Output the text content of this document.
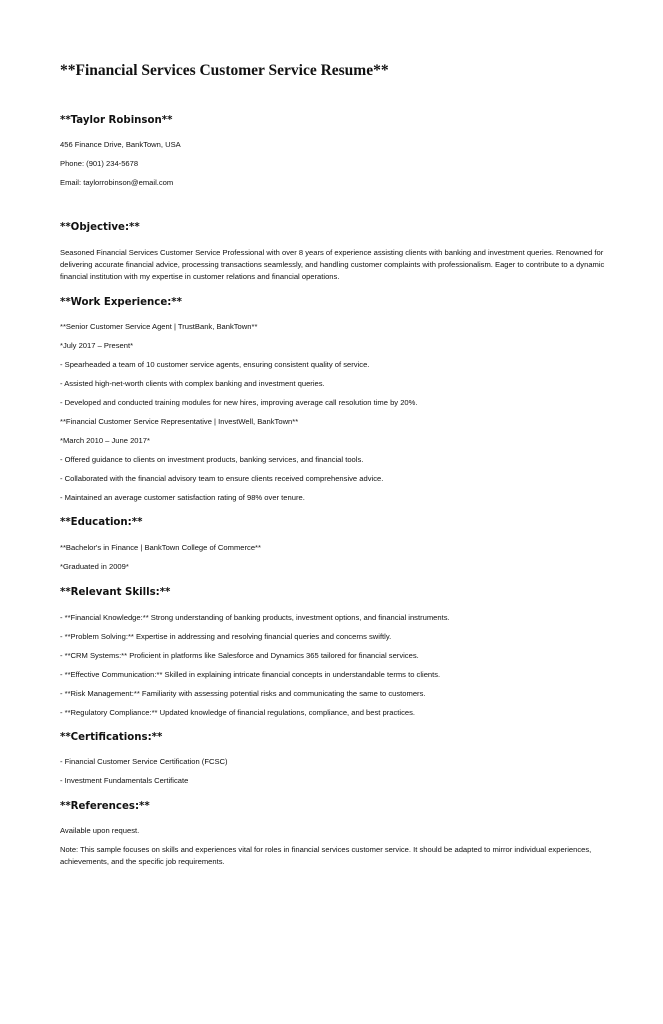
**Financial Services Customer Service Resume**
**Taylor Robinson**
456 Finance Drive, BankTown, USA
Phone: (901) 234-5678
Email: taylorrobinson@email.com
**Objective:**

Seasoned Financial Services Customer Service Professional with over 8 years of experience assisting clients with banking and investment queries. Renowned for delivering accurate financial advice, processing transactions seamlessly, and handling customer complaints with professionalism. Eager to contribute to a dynamic financial institution with my expertise in customer relations and financial operations.

**Work Experience:**
**Senior Customer Service Agent | TrustBank, BankTown**
*July 2017 – Present*
- Spearheaded a team of 10 customer service agents, ensuring consistent quality of service.
- Assisted high-net-worth clients with complex banking and investment queries.
- Developed and conducted training modules for new hires, improving average call resolution time by 20%.
**Financial Customer Service Representative | InvestWell, BankTown**
*March 2010 – June 2017*
- Offered guidance to clients on investment products, banking services, and financial tools.
- Collaborated with the financial advisory team to ensure clients received comprehensive advice.
- Maintained an average customer satisfaction rating of 98% over tenure.
**Education:**
**Bachelor's in Finance | BankTown College of Commerce**
*Graduated in 2009*
**Relevant Skills:**
- **Financial Knowledge:** Strong understanding of banking products, investment options, and financial instruments.
- **Problem Solving:** Expertise in addressing and resolving financial queries and concerns swiftly.
- **CRM Systems:** Proficient in platforms like Salesforce and Dynamics 365 tailored for financial services.
- **Effective Communication:** Skilled in explaining intricate financial concepts in understandable terms to clients.
- **Risk Management:** Familiarity with assessing potential risks and communicating the same to customers.
- **Regulatory Compliance:** Updated knowledge of financial regulations, compliance, and best practices.
**Certifications:**
- Financial Customer Service Certification (FCSC)
- Investment Fundamentals Certificate
**References:**
Available upon request.

Note: This sample focuses on skills and experiences vital for roles in financial services customer service. It should be adapted to mirror individual experiences, achievements, and the specific job requirements.
